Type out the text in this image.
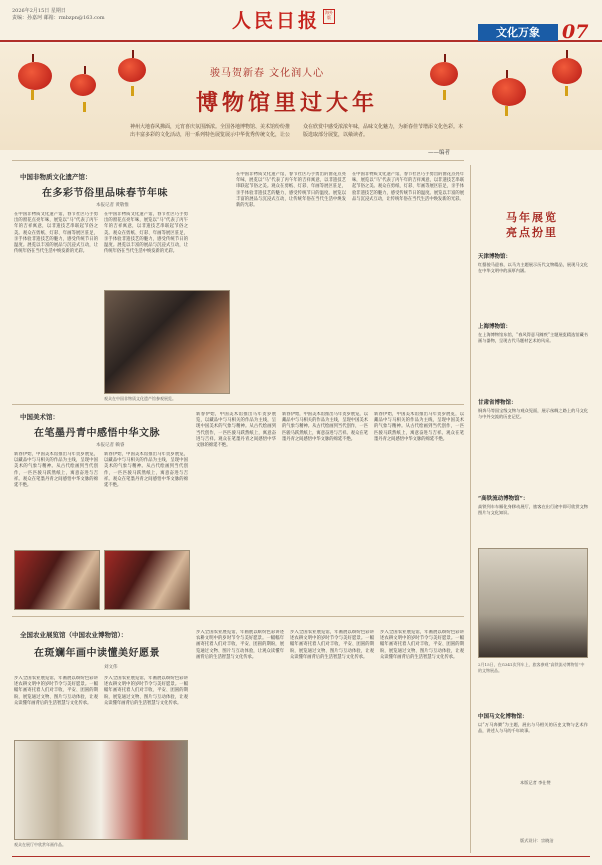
2026年2月15日 星期日
责编：孙嘉珂 邮箱：rmbzpn@163.com	人民日报	海外版
文化万象	07
骏马贺新春 文化润人心
博物馆里过大年
神州大地春风拂面，元宵喜庆氛围渐浓。全国各地博物馆、美术馆纷纷推出丰富多彩的文化活动，用一系列特色展览展示中华优秀传统文化，让公众在欣赏中感受浓浓年味，品味文化魅力，为新春佳节增添文化色彩。本版选取部分展览，以飨读者。
——编者
中国非物质文化遗产馆：
在多彩节俗里品味春节年味
本报记者 黄敬惟
在中国非物质文化遗产馆，春节社区巧手剪出的窗花点亮年味，展览以“马”代表了丙午年的吉祥寓意，以非遗技艺串联起节俗之美。观众在剪纸、灯彩、年画等展区驻足，亲手体验非遗技艺的魅力，感受传统节日的温度。展览以丰富的展品与沉浸式互动，让传统年俗在当代生活中焕发新的光彩。
在中国非物质文化遗产馆，春节社区巧手剪出的窗花点亮年味，展览以“马”代表了丙午年的吉祥寓意，以非遗技艺串联起节俗之美。观众在剪纸、灯彩、年画等展区驻足，亲手体验非遗技艺的魅力，感受传统节日的温度。展览以丰富的展品与沉浸式互动，让传统年俗在当代生活中焕发新的光彩。
观众在中国非物质文化遗产馆参观展览。
在中国非物质文化遗产馆，春节社区巧手剪出的窗花点亮年味，展览以“马”代表了丙午年的吉祥寓意，以非遗技艺串联起节俗之美。观众在剪纸、灯彩、年画等展区驻足，亲手体验非遗技艺的魅力，感受传统节日的温度。展览以丰富的展品与沉浸式互动，让传统年俗在当代生活中焕发新的光彩。
在中国非物质文化遗产馆，春节社区巧手剪出的窗花点亮年味，展览以“马”代表了丙午年的吉祥寓意，以非遗技艺串联起节俗之美。观众在剪纸、灯彩、年画等展区驻足，亲手体验非遗技艺的魅力，感受传统节日的温度。展览以丰富的展品与沉浸式互动，让传统年俗在当代生活中焕发新的光彩。
中国美术馆：
在笔墨丹青中感悟中华文脉
本报记者 赖睿
新春伊始，中国美术馆推出马年贺岁展览，以藏品中与马相关的作品为主线，呈现中国美术的气象与精神。从古代绘画到当代创作，一匹匹骏马跃然纸上，寓意奋进与吉祥。观众在笔墨丹青之间感悟中华文脉的绵延不绝。
新春伊始，中国美术馆推出马年贺岁展览，以藏品中与马相关的作品为主线，呈现中国美术的气象与精神。从古代绘画到当代创作，一匹匹骏马跃然纸上，寓意奋进与吉祥。观众在笔墨丹青之间感悟中华文脉的绵延不绝。
新春伊始，中国美术馆推出马年贺岁展览，以藏品中与马相关的作品为主线，呈现中国美术的气象与精神。从古代绘画到当代创作，一匹匹骏马跃然纸上，寓意奋进与吉祥。观众在笔墨丹青之间感悟中华文脉的绵延不绝。
新春伊始，中国美术馆推出马年贺岁展览，以藏品中与马相关的作品为主线，呈现中国美术的气象与精神。从古代绘画到当代创作，一匹匹骏马跃然纸上，寓意奋进与吉祥。观众在笔墨丹青之间感悟中华文脉的绵延不绝。
新春伊始，中国美术馆推出马年贺岁展览，以藏品中与马相关的作品为主线，呈现中国美术的气象与精神。从古代绘画到当代创作，一匹匹骏马跃然纸上，寓意奋进与吉祥。观众在笔墨丹青之间感悟中华文脉的绵延不绝。
全国农业展览馆（中国农业博物馆）：
在斑斓年画中读懂美好愿景
刘文伟
步入全国农业展览馆，年画展以缤纷色彩讲述农耕文明中的岁时节令与美好愿景。一幅幅年画寄托着人们对丰收、平安、团圆的期盼，展览通过文物、图片与互动体验，让观众读懂年画背后的生活智慧与文化传承。
步入全国农业展览馆，年画展以缤纷色彩讲述农耕文明中的岁时节令与美好愿景。一幅幅年画寄托着人们对丰收、平安、团圆的期盼，展览通过文物、图片与互动体验，让观众读懂年画背后的生活智慧与文化传承。
观众在展厅中欣赏年画作品。
步入全国农业展览馆，年画展以缤纷色彩讲述农耕文明中的岁时节令与美好愿景。一幅幅年画寄托着人们对丰收、平安、团圆的期盼，展览通过文物、图片与互动体验，让观众读懂年画背后的生活智慧与文化传承。
步入全国农业展览馆，年画展以缤纷色彩讲述农耕文明中的岁时节令与美好愿景。一幅幅年画寄托着人们对丰收、平安、团圆的期盼，展览通过文物、图片与互动体验，让观众读懂年画背后的生活智慧与文化传承。
步入全国农业展览馆，年画展以缤纷色彩讲述农耕文明中的岁时节令与美好愿景。一幅幅年画寄托着人们对丰收、平安、团圆的期盼，展览通过文物、图片与互动体验，让观众读懂年画背后的生活智慧与文化传承。
马年展览
亮点扮里
天津博物馆：
红鬃骏马迎春，以马为主题展示历代文物精品，展现马文化在中华文明中的深厚内涵。
上海博物馆：
在上海博物馆东馆，“春风得意马蹄疾”主题展览精选馆藏书画与器物，呈现古代马题材艺术的风采。
甘肃省博物馆：
铜奔马等国宝级文物与观众见面，展示丝绸之路上的马文化与中外交流的历史记忆。
“高铁流动博物馆”：
高铁列车车厢化身移动展厅，旅客在出行途中即可欣赏文物图片与文化知识。
2月15日，在G341次列车上，旅客参观“高铁流动博物馆”中的文物展品。
中国马文化博物馆：
以“万马奔腾”为主题，展出与马相关的历史文物与艺术作品，讲述人与马的千年故事。
本版记者 李仕赞
版式设计：宗晓洁
